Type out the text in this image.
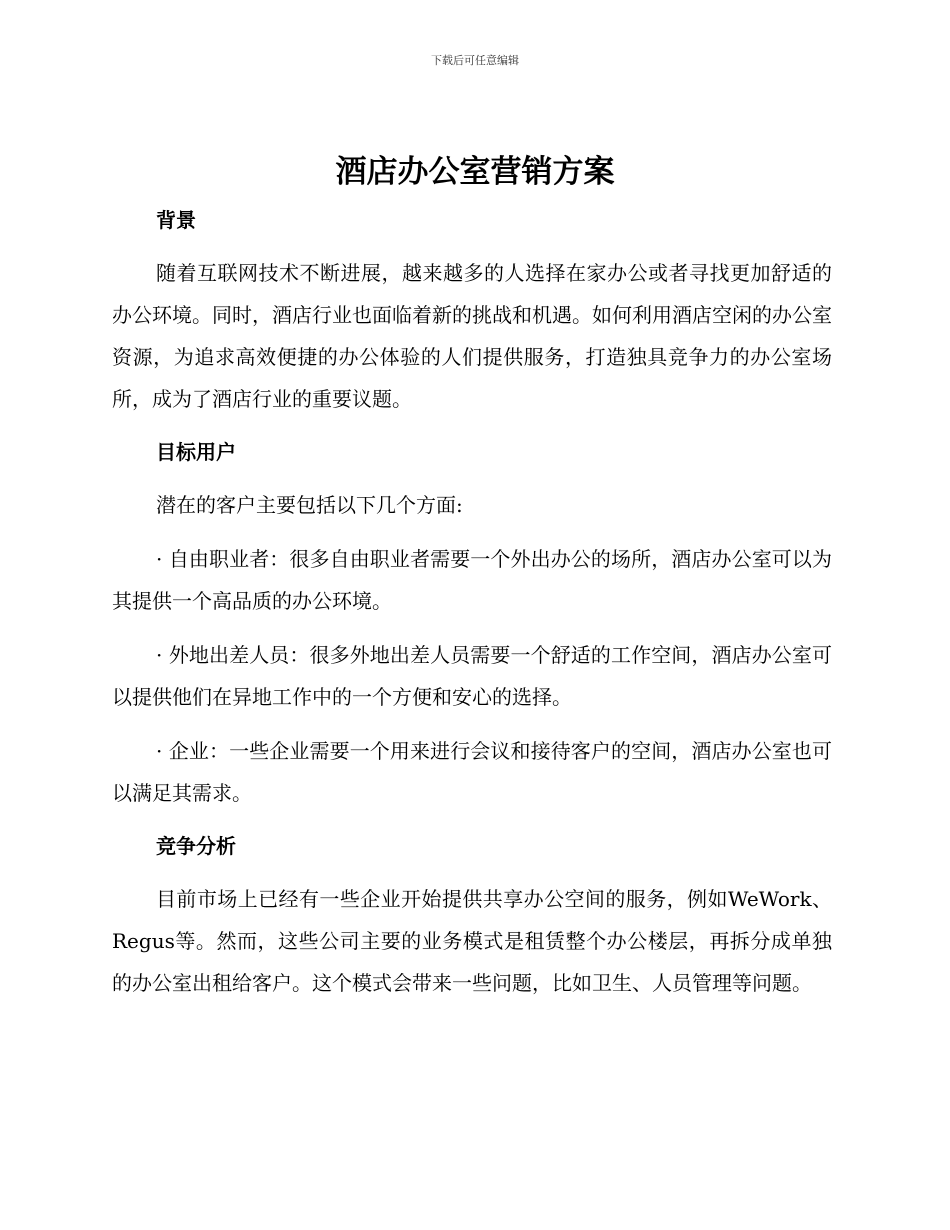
下载后可任意编辑
酒店办公室营销方案
背景

随着互联网技术不断进展，越来越多的人选择在家办公或者寻找更加舒适的办公环境。同时，酒店行业也面临着新的挑战和机遇。如何利用酒店空闲的办公室资源，为追求高效便捷的办公体验的人们提供服务，打造独具竞争力的办公室场所，成为了酒店行业的重要议题。

目标用户

潜在的客户主要包括以下几个方面:

· 自由职业者：很多自由职业者需要一个外出办公的场所，酒店办公室可以为其提供一个高品质的办公环境。

· 外地出差人员：很多外地出差人员需要一个舒适的工作空间，酒店办公室可以提供他们在异地工作中的一个方便和安心的选择。

· 企业：一些企业需要一个用来进行会议和接待客户的空间，酒店办公室也可以满足其需求。

竞争分析

目前市场上已经有一些企业开始提供共享办公空间的服务，例如WeWork、Regus等。然而，这些公司主要的业务模式是租赁整个办公楼层，再拆分成单独的办公室出租给客户。这个模式会带来一些问题，比如卫生、人员管理等问题。
